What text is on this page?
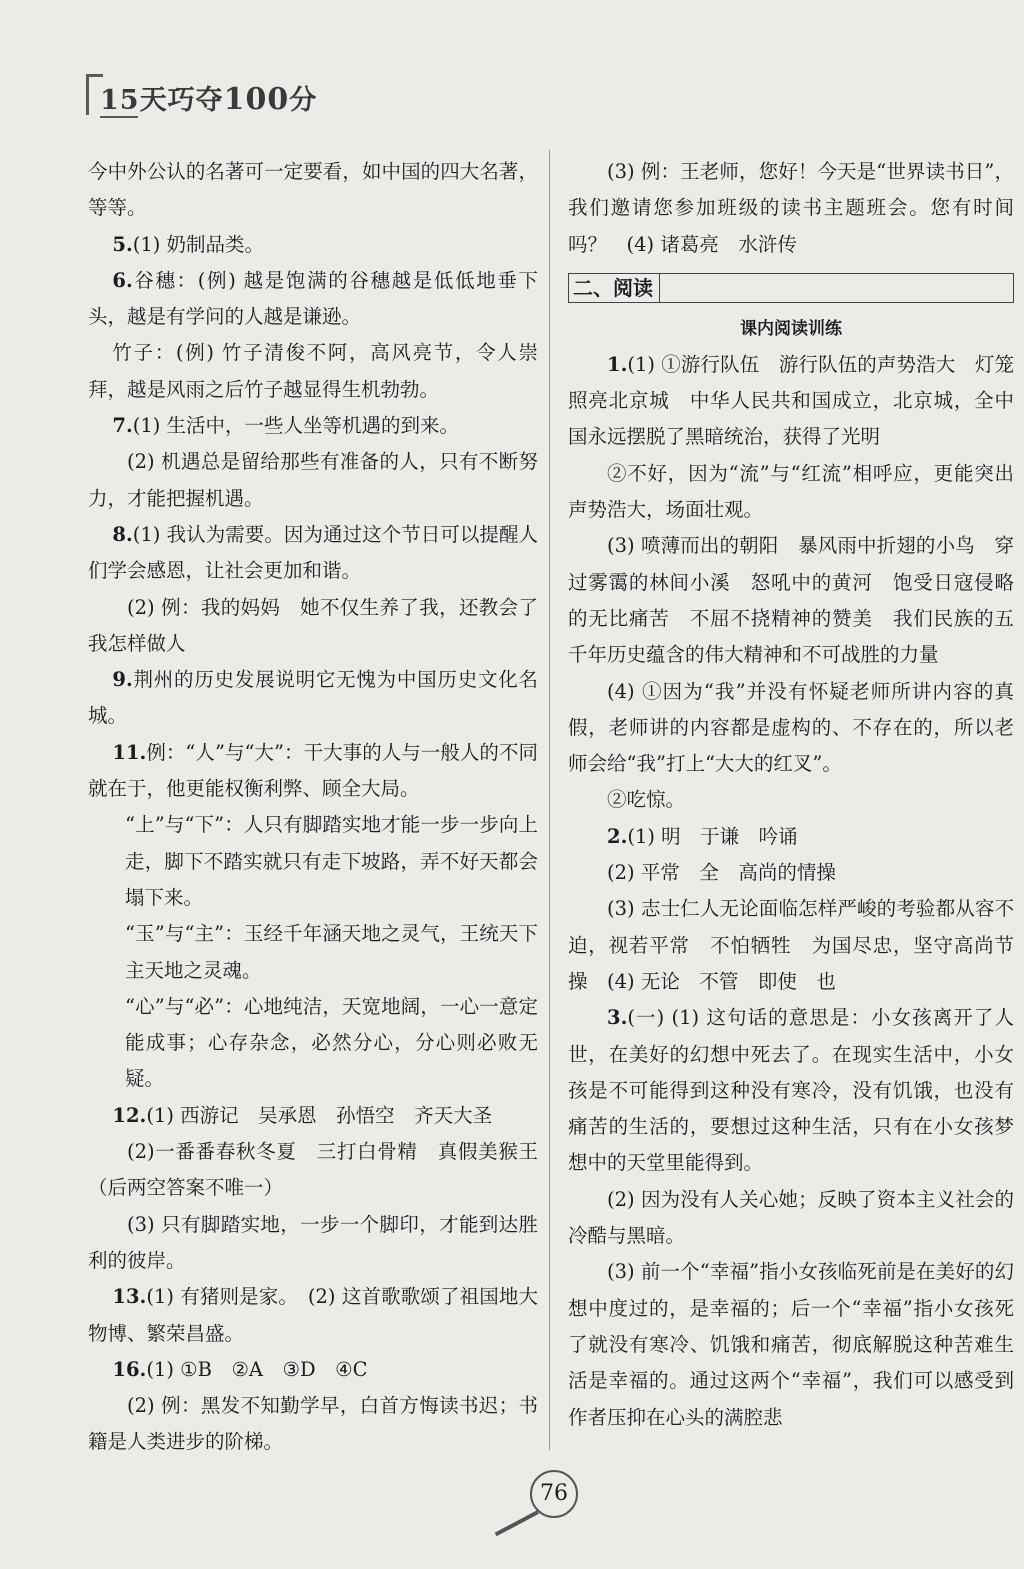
15天巧夺100分

今中外公认的名著可一定要看，如中国的四大名著，等等。

5.(1) 奶制品类。

6.谷穗：(例) 越是饱满的谷穗越是低低地垂下头，越是有学问的人越是谦逊。

竹子：(例) 竹子清俊不阿，高风亮节，令人崇拜，越是风雨之后竹子越显得生机勃勃。

7.(1) 生活中，一些人坐等机遇的到来。

(2) 机遇总是留给那些有准备的人，只有不断努力，才能把握机遇。

8.(1) 我认为需要。因为通过这个节日可以提醒人们学会感恩，让社会更加和谐。

(2) 例：我的妈妈　她不仅生养了我，还教会了我怎样做人

9.荆州的历史发展说明它无愧为中国历史文化名城。

11.例：“人”与“大”：干大事的人与一般人的不同就在于，他更能权衡利弊、顾全大局。

“上”与“下”：人只有脚踏实地才能一步一步向上走，脚下不踏实就只有走下坡路，弄不好天都会塌下来。

“玉”与“主”：玉经千年涵天地之灵气，王统天下主天地之灵魂。

“心”与“必”：心地纯洁，天宽地阔，一心一意定能成事；心存杂念，必然分心，分心则必败无疑。

12.(1) 西游记　吴承恩　孙悟空　齐天大圣

(2)一番番春秋冬夏　三打白骨精　真假美猴王（后两空答案不唯一）

(3) 只有脚踏实地，一步一个脚印，才能到达胜利的彼岸。

13.(1) 有猪则是家。　(2) 这首歌歌颂了祖国地大物博、繁荣昌盛。

16.(1) ①B　②A　③D　④C

(2) 例：黑发不知勤学早，白首方悔读书迟；书籍是人类进步的阶梯。

(3) 例：王老师，您好！今天是“世界读书日”，我们邀请您参加班级的读书主题班会。您有时间吗？　(4) 诸葛亮　水浒传

二、阅读
课内阅读训练

1.(1) ①游行队伍　游行队伍的声势浩大　灯笼照亮北京城　中华人民共和国成立，北京城，全中国永远摆脱了黑暗统治，获得了光明

②不好，因为“流”与“红流”相呼应，更能突出声势浩大，场面壮观。

(3) 喷薄而出的朝阳　暴风雨中折翅的小鸟　穿过雾霭的林间小溪　怒吼中的黄河　饱受日寇侵略的无比痛苦　不屈不挠精神的赞美　我们民族的五千年历史蕴含的伟大精神和不可战胜的力量

(4) ①因为“我”并没有怀疑老师所讲内容的真假，老师讲的内容都是虚构的、不存在的，所以老师会给“我”打上“大大的红叉”。

②吃惊。

2.(1) 明　于谦　吟诵

(2) 平常　全　高尚的情操

(3) 志士仁人无论面临怎样严峻的考验都从容不迫，视若平常　不怕牺牲　为国尽忠，坚守高尚节操　(4) 无论　不管　即使　也

3.(一) (1) 这句话的意思是：小女孩离开了人世，在美好的幻想中死去了。在现实生活中，小女孩是不可能得到这种没有寒冷，没有饥饿，也没有痛苦的生活的，要想过这种生活，只有在小女孩梦想中的天堂里能得到。

(2) 因为没有人关心她；反映了资本主义社会的冷酷与黑暗。

(3) 前一个“幸福”指小女孩临死前是在美好的幻想中度过的，是幸福的；后一个“幸福”指小女孩死了就没有寒冷、饥饿和痛苦，彻底解脱这种苦难生活是幸福的。通过这两个“幸福”，我们可以感受到作者压抑在心头的满腔悲

76
